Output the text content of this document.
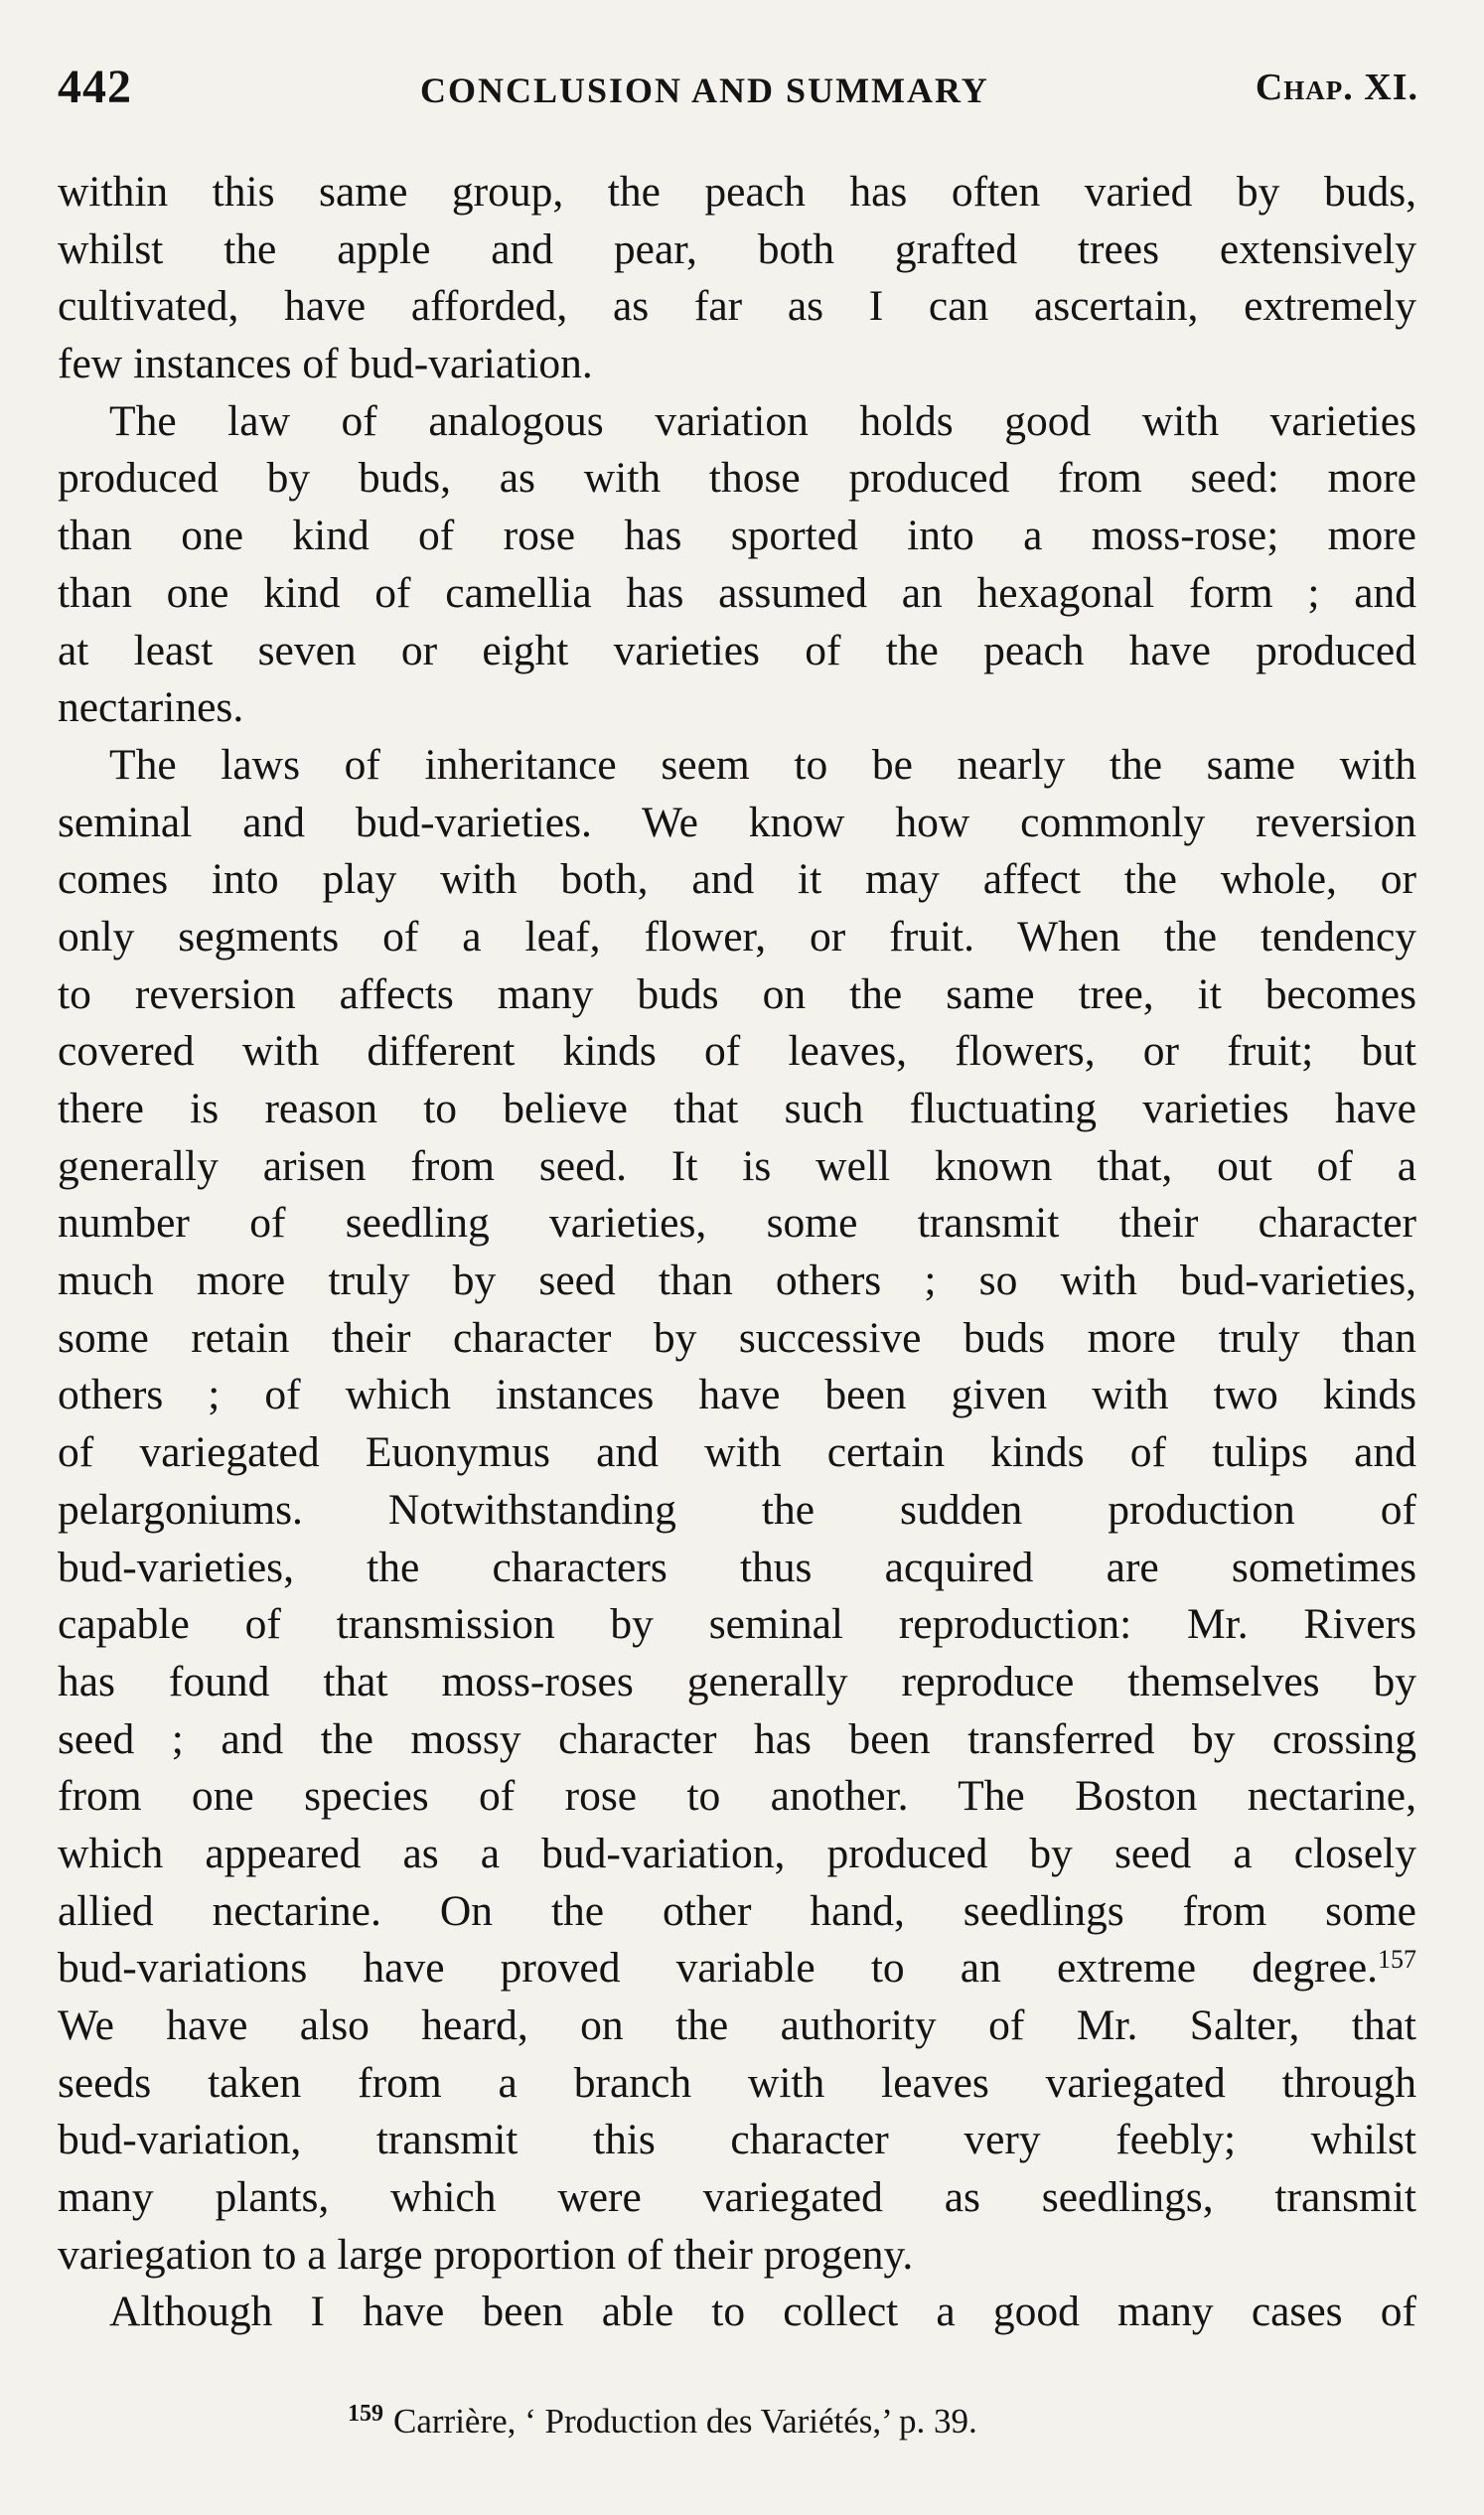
442	CONCLUSION AND SUMMARY	Chap. XI.
within this same group, the peach has often varied by buds,
whilst the apple and pear, both grafted trees extensively
cultivated, have afforded, as far as I can ascertain, extremely
few instances of bud-variation.
The law of analogous variation holds good with varieties
produced by buds, as with those produced from seed: more
than one kind of rose has sported into a moss-rose; more
than one kind of camellia has assumed an hexagonal form ; and
at least seven or eight varieties of the peach have produced
nectarines.
The laws of inheritance seem to be nearly the same with
seminal and bud-varieties. We know how commonly reversion
comes into play with both, and it may affect the whole, or
only segments of a leaf, flower, or fruit. When the tendency
to reversion affects many buds on the same tree, it becomes
covered with different kinds of leaves, flowers, or fruit; but
there is reason to believe that such fluctuating varieties have
generally arisen from seed. It is well known that, out of a
number of seedling varieties, some transmit their character
much more truly by seed than others ; so with bud-varieties,
some retain their character by successive buds more truly than
others ; of which instances have been given with two kinds
of variegated Euonymus and with certain kinds of tulips and
pelargoniums. Notwithstanding the sudden production of
bud-varieties, the characters thus acquired are sometimes
capable of transmission by seminal reproduction: Mr. Rivers
has found that moss-roses generally reproduce themselves by
seed ; and the mossy character has been transferred by crossing
from one species of rose to another. The Boston nectarine,
which appeared as a bud-variation, produced by seed a closely
allied nectarine. On the other hand, seedlings from some
bud-variations have proved variable to an extreme degree.$^{157}$
We have also heard, on the authority of Mr. Salter, that
seeds taken from a branch with leaves variegated through
bud-variation, transmit this character very feebly; whilst
many plants, which were variegated as seedlings, transmit
variegation to a large proportion of their progeny.
Although I have been able to collect a good many cases of
$^{159}$ Carrière, ‘ Production des Variétés,’ p. 39.
